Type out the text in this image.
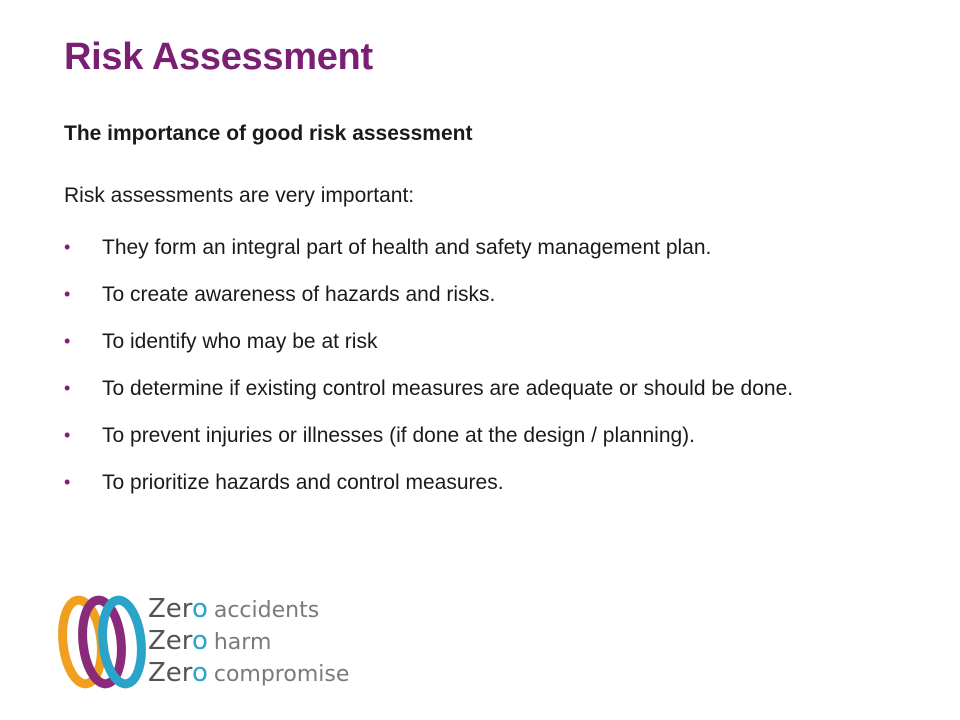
Risk Assessment

The importance of good risk assessment

Risk assessments are very important:

• They form an integral part of health and safety management plan.
• To create awareness of hazards and risks.
• To identify who may be at risk
• To determine if existing control measures are adequate or should be done.
• To prevent injuries or illnesses (if done at the design / planning).
• To prioritize hazards and control measures.
Zero accidents
Zero harm
Zero compromise
